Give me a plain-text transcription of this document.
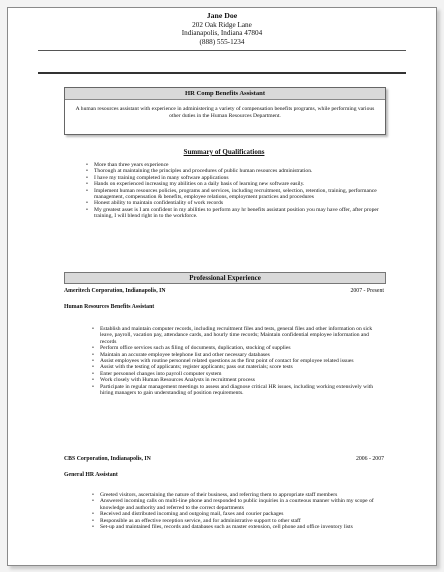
Jane Doe
202 Oak Ridge Lane
Indianapolis, Indiana 47804
(888) 555-1234
HR Comp Benefits Assistant
A human resources assistant with experience in administering a variety of compensation benefits programs, while performing various other duties in the Human Resources Department.
Summary of Qualifications
• More than three years experience
• Thorough at maintaining the principles and procedures of public human resources administration.
• I have my training completed in many software applications
• Hands on experienced increasing my abilities on a daily basis of learning new software easily.
• Implement human resources policies, programs and services, including recruitment, selection, retention, training, performance management, compensation & benefits, employee relations, employment practices and procedures
• Honest ability to maintain confidentiality of work records
• My greatest asset is I am confident in my abilities to perform any hr benefits assistant position you may have offer, after proper training, I will blend right in to the workforce.
Professional Experience
Ameritech Corporation, Indianapolis, IN	2007 - Present
Human Resources Benefits Assistant
• Establish and maintain computer records, including recruitment files and tests, general files and other information on sick leave, payroll, vacation pay, attendance cards, and hourly time records; Maintain confidential employee information and records
• Perform office services such as filing of documents, duplication, stocking of supplies
• Maintain an accurate employee telephone list and other necessary databases
• Assist employees with routine personnel related questions as the first point of contact for employee related issues
• Assist with the testing of applicants; register applicants; pass out materials; score tests
• Enter personnel changes into payroll computer system
• Work closely with Human Resources Analysts in recruitment process
• Participate in regular management meetings to assess and diagnose critical HR issues, including working extensively with hiring managers to gain understanding of position requirements.
CBS Corporation, Indianapolis, IN	2006 - 2007
General HR Assistant
• Greeted visitors, ascertaining the nature of their business, and referring them to appropriate staff members
• Answered incoming calls on multi-line phone and responded to public inquiries in a courteous manner within my scope of knowledge and authority and referred to the correct departments
• Received and distributed incoming and outgoing mail, faxes and courier packages
• Responsible as an effective reception service, and for administrative support to other staff
• Set-up and maintained files, records and databases such as master extension, cell phone and office inventory lists
